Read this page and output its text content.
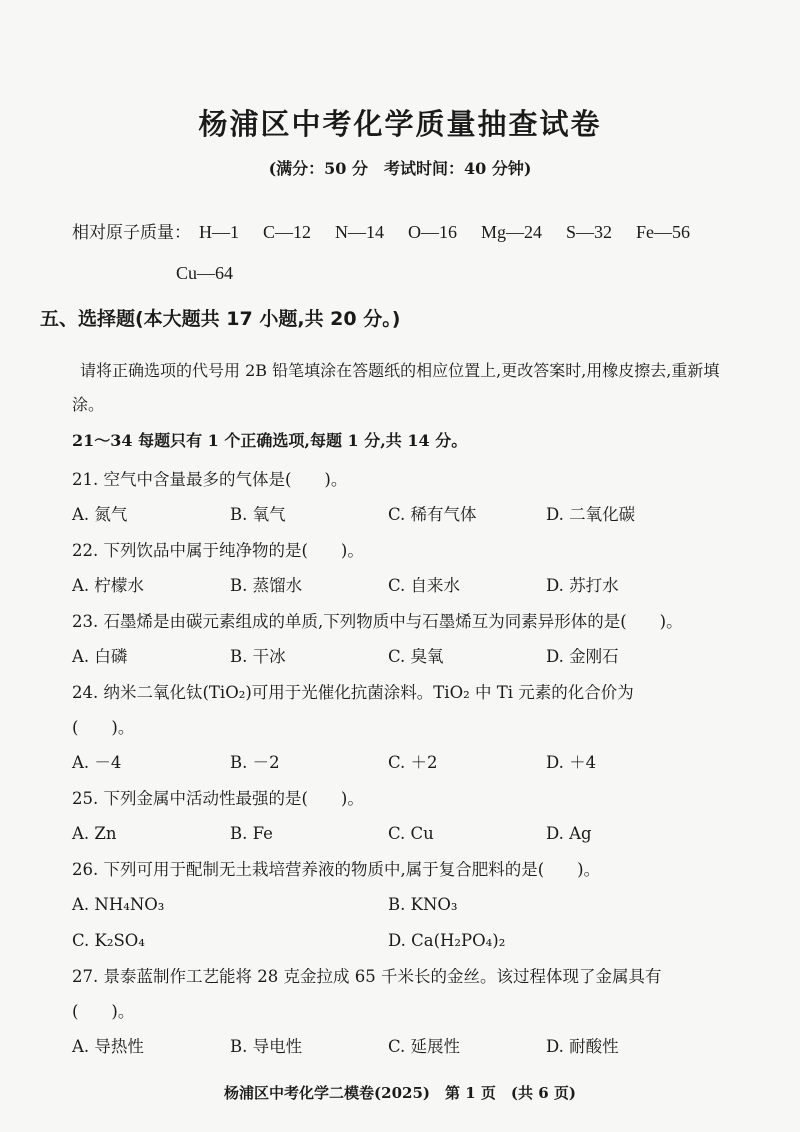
杨浦区中考化学质量抽查试卷
(满分：50 分　考试时间：40 分钟)
相对原子质量： H—1 C—12 N—14 O—16 Mg—24 S—32 Fe—56
Cu—64
五、选择题(本大题共 17 小题,共 20 分。)
请将正确选项的代号用 2B 铅笔填涂在答题纸的相应位置上,更改答案时,用橡皮擦去,重新填涂。
21～34 每题只有 1 个正确选项,每题 1 分,共 14 分。
21. 空气中含量最多的气体是(　　)。
A. 氮气	B. 氧气	C. 稀有气体	D. 二氧化碳
22. 下列饮品中属于纯净物的是(　　)。
A. 柠檬水	B. 蒸馏水	C. 自来水	D. 苏打水
23. 石墨烯是由碳元素组成的单质,下列物质中与石墨烯互为同素异形体的是(　　)。
A. 白磷	B. 干冰	C. 臭氧	D. 金刚石
24. 纳米二氧化钛(TiO₂)可用于光催化抗菌涂料。TiO₂ 中 Ti 元素的化合价为
(　　)。
A. －4	B. －2	C. ＋2	D. ＋4
25. 下列金属中活动性最强的是(　　)。
A. Zn	B. Fe	C. Cu	D. Ag
26. 下列可用于配制无土栽培营养液的物质中,属于复合肥料的是(　　)。
A. NH₄NO₃	B. KNO₃
C. K₂SO₄	D. Ca(H₂PO₄)₂
27. 景泰蓝制作工艺能将 28 克金拉成 65 千米长的金丝。该过程体现了金属具有
(　　)。
A. 导热性	B. 导电性	C. 延展性	D. 耐酸性
杨浦区中考化学二模卷(2025)　第 1 页　(共 6 页)
